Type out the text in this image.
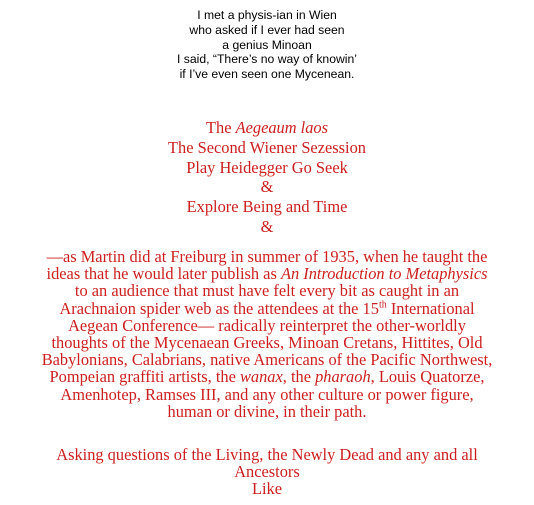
I met a physis-ian in Wien
who asked if I ever had seen
a genius Minoan
I said, “There’s no way of knowin’
if I’ve even seen one Mycenean.
The Aegeaum laos
The Second Wiener Sezession
Play Heidegger Go Seek
&
Explore Being and Time
&
—as Martin did at Freiburg in summer of 1935, when he taught the
ideas that he would later publish as An Introduction to Metaphysics
to an audience that must have felt every bit as caught in an
Arachnaion spider web as the attendees at the 15th International
Aegean Conference— radically reinterpret the other-worldly
thoughts of the Mycenaean Greeks, Minoan Cretans, Hittites, Old
Babylonians, Calabrians, native Americans of the Pacific Northwest,
Pompeian graffiti artists, the wanax, the pharaoh, Louis Quatorze,
Amenhotep, Ramses III, and any other culture or power figure,
human or divine, in their path.
Asking questions of the Living, the Newly Dead and any and all
Ancestors
Like
